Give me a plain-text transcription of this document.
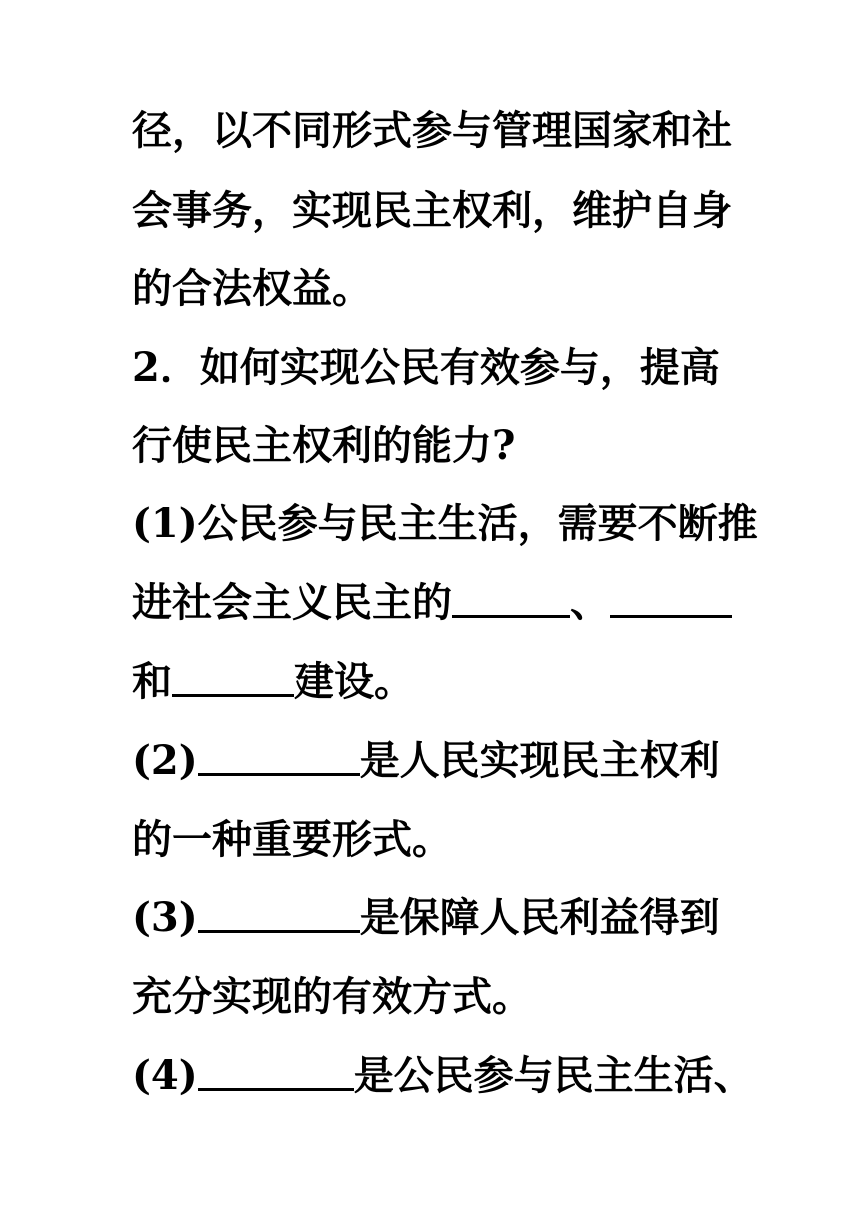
径，以不同形式参与管理国家和社
会事务，实现民主权利，维护自身
的合法权益。
2．如何实现公民有效参与，提高
行使民主权利的能力?
(1)公民参与民主生活，需要不断推
进社会主义民主的	、
和	建设。
(2)	是人民实现民主权利
的一种重要形式。
(3)	是保障人民利益得到
充分实现的有效方式。
(4)	是公民参与民主生活、
